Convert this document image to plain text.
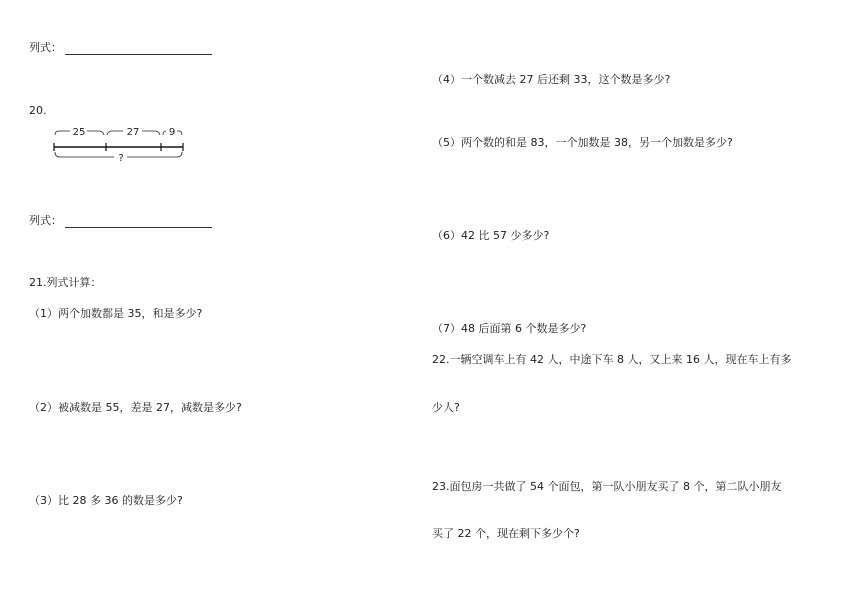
列式：
20.
25	27	9
?
列式：
21.列式计算：
（1）两个加数都是 35，和是多少?
（2）被减数是 55，差是 27，减数是多少?
（3）比 28 多 36 的数是多少?
（4）一个数减去 27 后还剩 33，这个数是多少?
（5）两个数的和是 83，一个加数是 38，另一个加数是多少?
（6）42 比 57 少多少?
（7）48 后面第 6 个数是多少?
22.一辆空调车上有 42 人，中途下车 8 人，又上来 16 人，现在车上有多
少人?
23.面包房一共做了 54 个面包，第一队小朋友买了 8 个，第二队小朋友
买了 22 个，现在剩下多少个?
